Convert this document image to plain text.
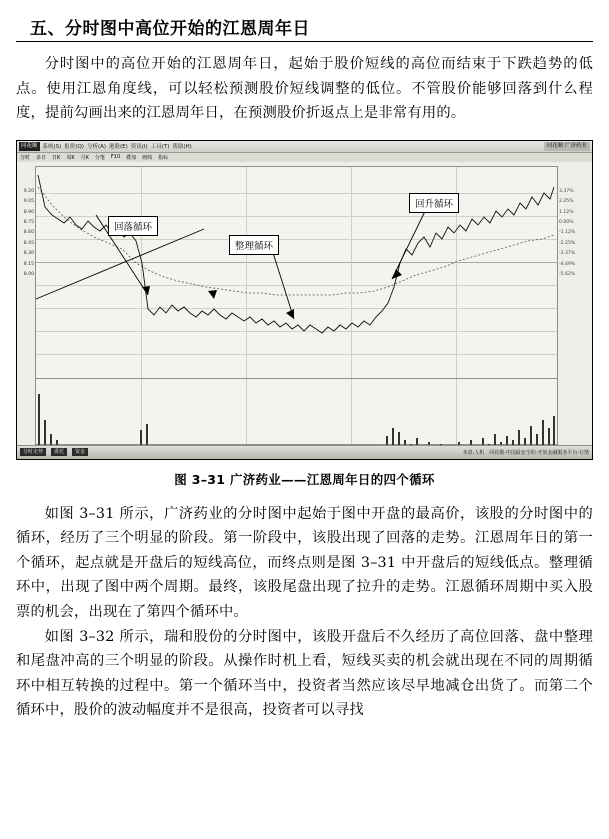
五、分时图中高位开始的江恩周年日

分时图中的高位开始的江恩周年日，起始于股价短线的高位而结束于下跌趋势的低点。使用江恩角度线，可以轻松预测股价短线调整的低位。不管股价能够回落到什么程度，提前勾画出来的江恩周年日，在预测股价折返点上是非常有用的。

同花顺 系统(S) 报价(Q) 分析(A) 港股(E) 资讯(I) 工具(T) 帮助(H)	同花顺 广济药业
分时 多日 日K 周K 月K 分笔 F10 叠加 画线 指标
9.20
9.05
8.90
8.75
8.60
8.45
8.30
8.15
8.00
3.37%
2.25%
1.12%
0.00%
-1.12%
-2.25%
-3.37%
-4.49%
-5.62%
回落循环
整理循环
回升循环
分时走势	委托	资金	本盘.人机 同花顺·中国最安全的·开放金融服务平台·行情
图 3–31 广济药业——江恩周年日的四个循环

如图 3–31 所示，广济药业的分时图中起始于图中开盘的最高价，该股的分时图中的循环，经历了三个明显的阶段。第一阶段中，该股出现了回落的走势。江恩周年日的第一个循环，起点就是开盘后的短线高位，而终点则是图 3–31 中开盘后的短线低点。整理循环中，出现了图中两个周期。最终，该股尾盘出现了拉升的走势。江恩循环周期中买入股票的机会，出现在了第四个循环中。

如图 3–32 所示，瑞和股份的分时图中，该股开盘后不久经历了高位回落、盘中整理和尾盘冲高的三个明显的阶段。从操作时机上看，短线买卖的机会就出现在不同的周期循环中相互转换的过程中。第一个循环当中，投资者当然应该尽早地减仓出货了。而第二个循环中，股价的波动幅度并不是很高，投资者可以寻找
